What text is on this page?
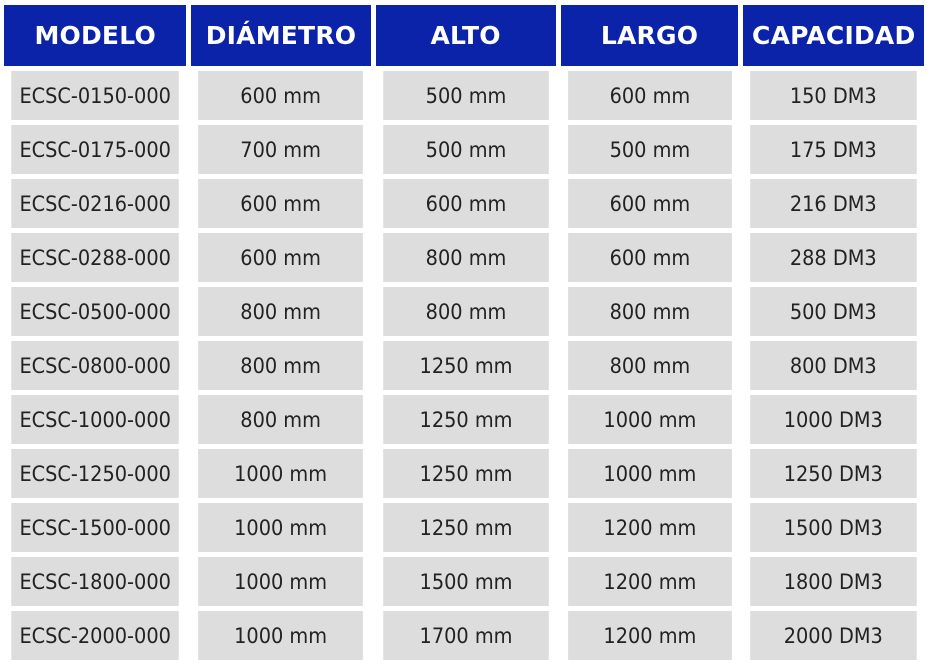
MODELO	DIÁMETRO	ALTO	LARGO	CAPACIDAD
ECSC-0150-000	600 mm	500 mm	600 mm	150 DM3
ECSC-0175-000	700 mm	500 mm	500 mm	175 DM3
ECSC-0216-000	600 mm	600 mm	600 mm	216 DM3
ECSC-0288-000	600 mm	800 mm	600 mm	288 DM3
ECSC-0500-000	800 mm	800 mm	800 mm	500 DM3
ECSC-0800-000	800 mm	1250 mm	800 mm	800 DM3
ECSC-1000-000	800 mm	1250 mm	1000 mm	1000 DM3
ECSC-1250-000	1000 mm	1250 mm	1000 mm	1250 DM3
ECSC-1500-000	1000 mm	1250 mm	1200 mm	1500 DM3
ECSC-1800-000	1000 mm	1500 mm	1200 mm	1800 DM3
ECSC-2000-000	1000 mm	1700 mm	1200 mm	2000 DM3
